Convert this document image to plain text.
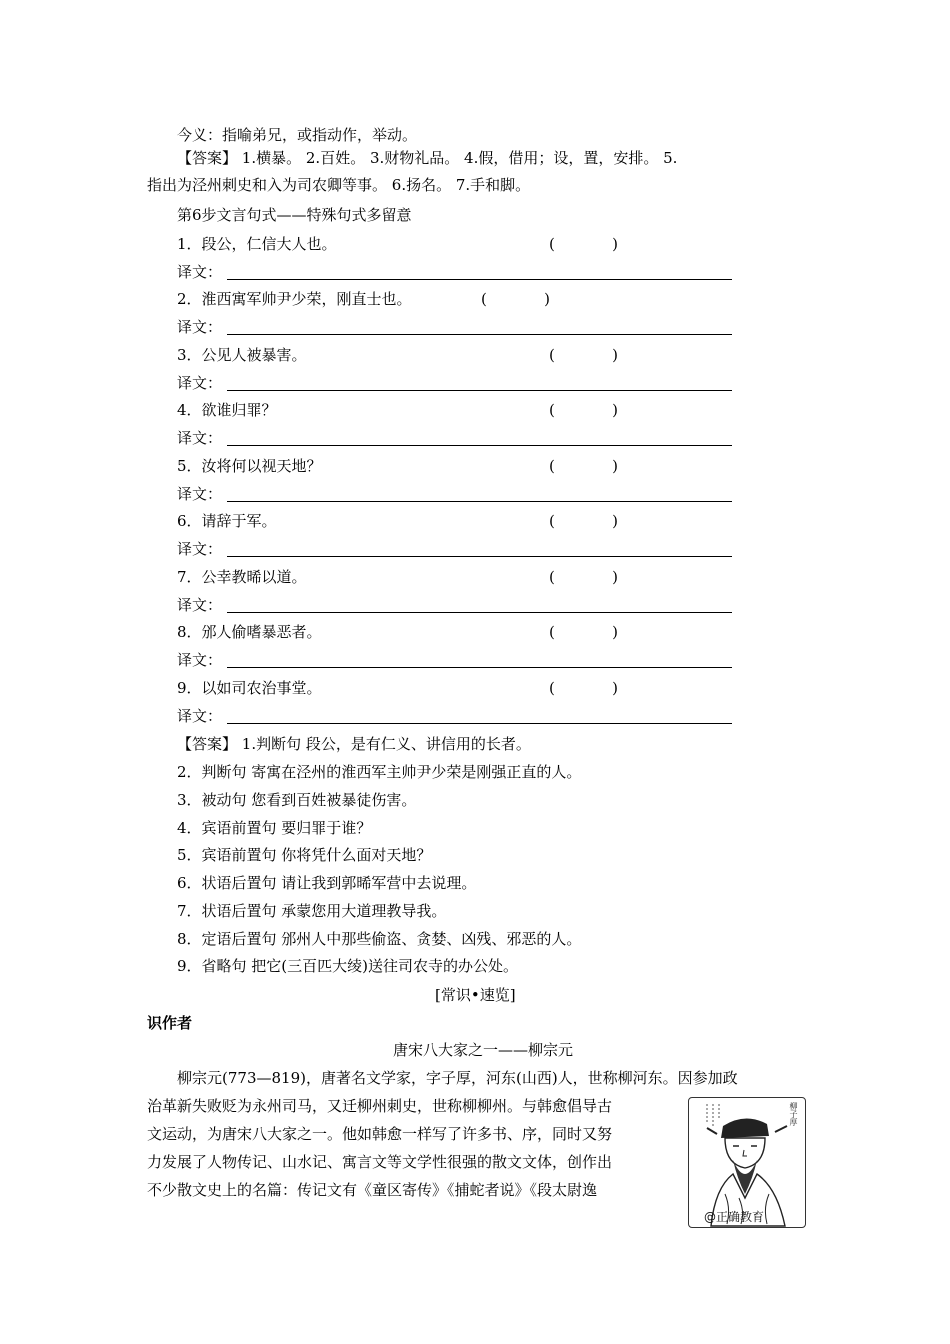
今义：指喻弟兄，或指动作，举动。
【答案】 1.横暴。 2.百姓。 3.财物礼品。 4.假，借用；设，置，安排。 5.
指出为泾州刺史和入为司农卿等事。 6.扬名。 7.手和脚。
第6步文言句式——特殊句式多留意
1．段公，仁信大人也。	(            )
译文：
2．淮西寓军帅尹少荣，刚直士也。	(            )
译文：
3．公见人被暴害。	(            )
译文：
4．欲谁归罪？	(            )
译文：
5．汝将何以视天地？	(            )
译文：
6．请辞于军。	(            )
译文：
7．公幸教晞以道。	(            )
译文：
8．邠人偷嗜暴恶者。	(            )
译文：
9．以如司农治事堂。	(            )
译文：
【答案】 1.判断句 段公，是有仁义、讲信用的长者。
2．判断句 寄寓在泾州的淮西军主帅尹少荣是刚强正直的人。
3．被动句 您看到百姓被暴徒伤害。
4．宾语前置句 要归罪于谁？
5．宾语前置句 你将凭什么面对天地？
6．状语后置句 请让我到郭晞军营中去说理。
7．状语后置句 承蒙您用大道理教导我。
8．定语后置句 邠州人中那些偷盗、贪婪、凶残、邪恶的人。
9．省略句 把它(三百匹大绫)送往司农寺的办公处。
[常识•速览]
识作者
唐宋八大家之一——柳宗元
柳宗元(773—819)，唐著名文学家，字子厚，河东(山西)人，世称柳河东。因参加政
治革新失败贬为永州司马，又迁柳州刺史，世称柳柳州。与韩愈倡导古
文运动，为唐宋八大家之一。他如韩愈一样写了许多书、序，同时又努
力发展了人物传记、山水记、寓言文等文学性很强的散文文体，创作出
不少散文史上的名篇：传记文有《童区寄传》《捕蛇者说》《段太尉逸
柳子厚
@正确教育
